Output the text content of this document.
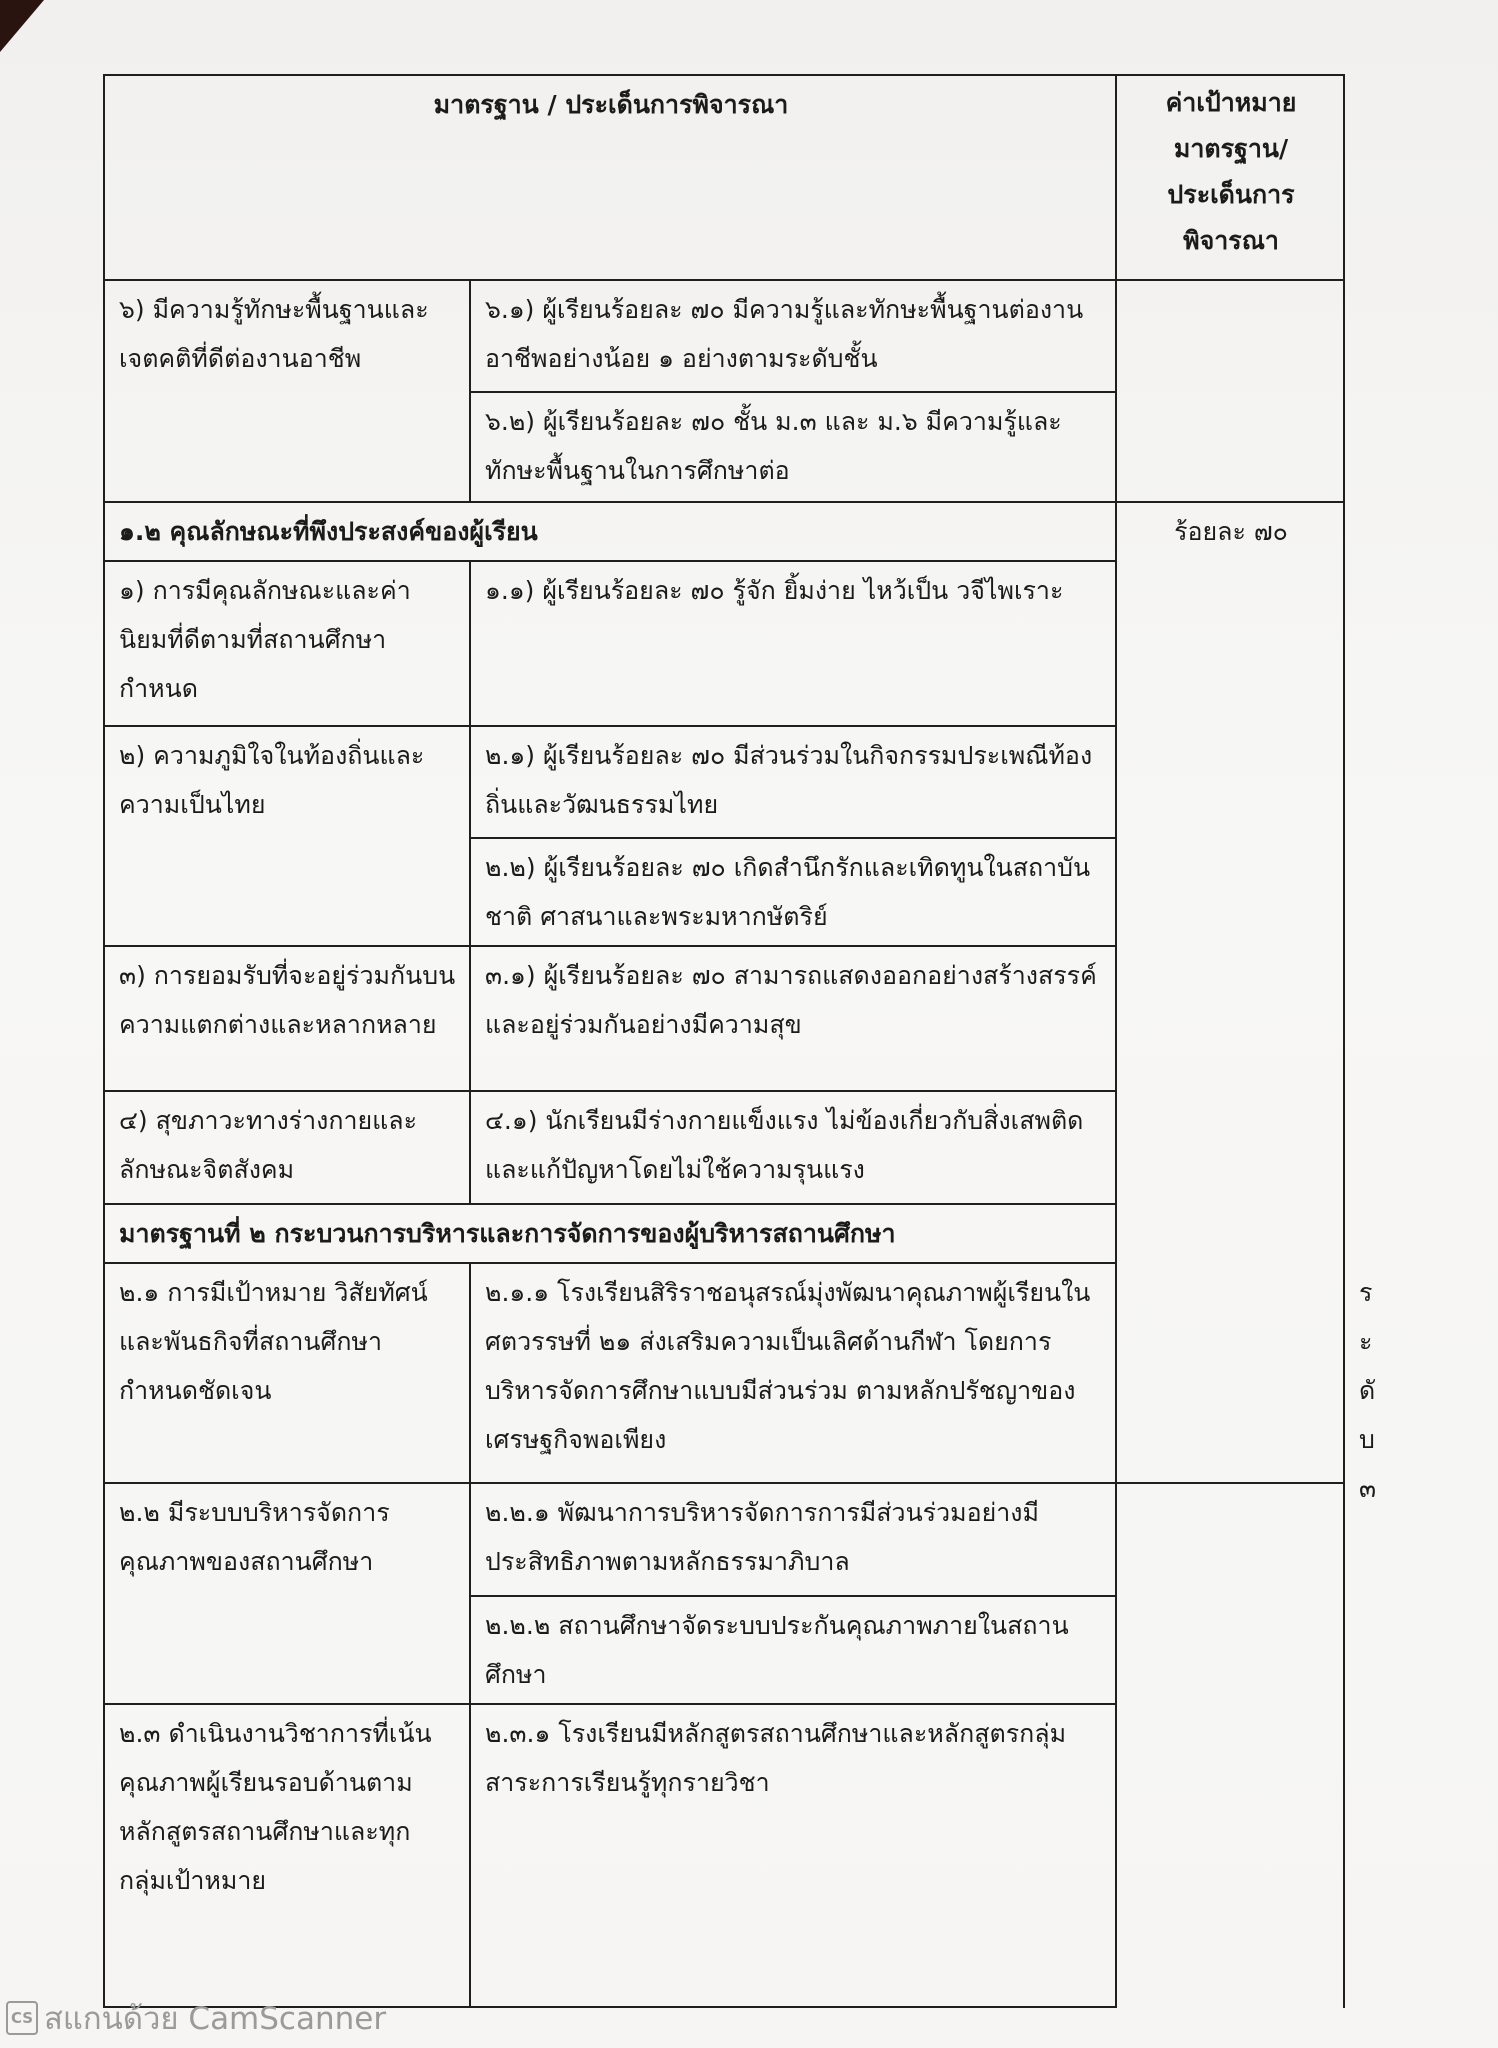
มาตรฐาน / ประเด็นการพิจารณา		ค่าเป้าหมาย มาตรฐาน/ ประเด็นการ พิจารณา	
๖) มีความรู้ทักษะพื้นฐานและเจตคติที่ดีต่องานอาชีพ	๖.๑) ผู้เรียนร้อยละ ๗๐ มีความรู้และทักษะพื้นฐานต่องานอาชีพอย่างน้อย ๑ อย่างตามระดับชั้น		
	๖.๒) ผู้เรียนร้อยละ ๗๐ ชั้น ม.๓ และ ม.๖ มีความรู้และทักษะพื้นฐานในการศึกษาต่อ		
๑.๒ คุณลักษณะที่พึงประสงค์ของผู้เรียน		ร้อยละ ๗๐	
๑) การมีคุณลักษณะและค่านิยมที่ดีตามที่สถานศึกษากำหนด	๑.๑) ผู้เรียนร้อยละ ๗๐ รู้จัก ยิ้มง่าย ไหว้เป็น วจีไพเราะ		
๒) ความภูมิใจในท้องถิ่นและความเป็นไทย	๒.๑) ผู้เรียนร้อยละ ๗๐ มีส่วนร่วมในกิจกรรมประเพณีท้องถิ่นและวัฒนธรรมไทย		
	๒.๒) ผู้เรียนร้อยละ ๗๐ เกิดสำนึกรักและเทิดทูนในสถาบันชาติ ศาสนาและพระมหากษัตริย์		
๓) การยอมรับที่จะอยู่ร่วมกันบนความแตกต่างและหลากหลาย	๓.๑) ผู้เรียนร้อยละ ๗๐ สามารถแสดงออกอย่างสร้างสรรค์ และอยู่ร่วมกันอย่างมีความสุข		
๔) สุขภาวะทางร่างกายและลักษณะจิตสังคม	๔.๑) นักเรียนมีร่างกายแข็งแรง ไม่ข้องเกี่ยวกับสิ่งเสพติดและแก้ปัญหาโดยไม่ใช้ความรุนแรง		
มาตรฐานที่ ๒ กระบวนการบริหารและการจัดการของผู้บริหารสถานศึกษา			
๒.๑ การมีเป้าหมาย วิสัยทัศน์และพันธกิจที่สถานศึกษากำหนดชัดเจน	๒.๑.๑ โรงเรียนสิริราชอนุสรณ์มุ่งพัฒนาคุณภาพผู้เรียนในศตวรรษที่ ๒๑ ส่งเสริมความเป็นเลิศด้านกีฬา โดยการบริหารจัดการศึกษาแบบมีส่วนร่วม ตามหลักปรัชญาของเศรษฐกิจพอเพียง	
๒.๒ มีระบบบริหารจัดการคุณภาพของสถานศึกษา	๒.๒.๑ พัฒนาการบริหารจัดการการมีส่วนร่วมอย่างมีประสิทธิภาพตามหลักธรรมาภิบาล		
	๒.๒.๒ สถานศึกษาจัดระบบประกันคุณภาพภายในสถานศึกษา		
๒.๓ ดำเนินงานวิชาการที่เน้นคุณภาพผู้เรียนรอบด้านตามหลักสูตรสถานศึกษาและทุกกลุ่มเป้าหมาย	๒.๓.๑ โรงเรียนมีหลักสูตรสถานศึกษาและหลักสูตรกลุ่มสาระการเรียนรู้ทุกรายวิชา		
CS สแกนด้วย CamScanner
